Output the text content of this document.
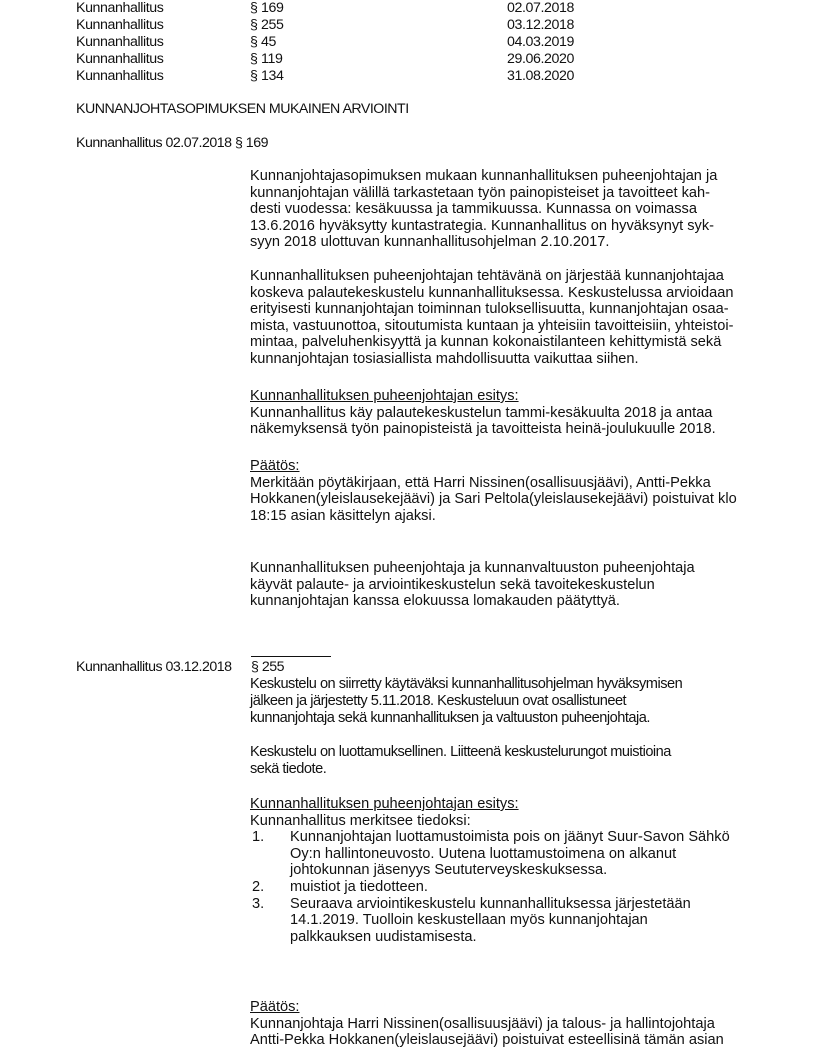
Kunnanhallitus	§ 169	02.07.2018
Kunnanhallitus	§ 255	03.12.2018
Kunnanhallitus	§ 45	04.03.2019
Kunnanhallitus	§ 119	29.06.2020
Kunnanhallitus	§ 134	31.08.2020
KUNNANJOHTASOPIMUKSEN MUKAINEN ARVIOINTI
Kunnanhallitus 02.07.2018 § 169

Kunnanjohtajasopimuksen mukaan kunnanhallituksen puheenjohtajan ja

kunnanjohtajan välillä tarkastetaan työn painopisteiset ja tavoitteet kah-

desti vuodessa: kesäkuussa ja tammikuussa. Kunnassa on voimassa

13.6.2016 hyväksytty kuntastrategia. Kunnanhallitus on hyväksynyt syk-

syyn 2018 ulottuvan kunnanhallitusohjelman 2.10.2017.

Kunnanhallituksen puheenjohtajan tehtävänä on järjestää kunnanjohtajaa

koskeva palautekeskustelu kunnanhallituksessa. Keskustelussa arvioidaan

erityisesti kunnanjohtajan toiminnan tuloksellisuutta, kunnanjohtajan osaa-

mista, vastuunottoa, sitoutumista kuntaan ja yhteisiin tavoitteisiin, yhteistoi-

mintaa, palveluhenkisyyttä ja kunnan kokonaistilanteen kehittymistä sekä

kunnanjohtajan tosiasiallista mahdollisuutta vaikuttaa siihen.

Kunnanhallituksen puheenjohtajan esitys:

Kunnanhallitus käy palautekeskustelun tammi-kesäkuulta 2018 ja antaa

näkemyksensä työn painopisteistä ja tavoitteista heinä-joulukuulle 2018.

Päätös:

Merkitään pöytäkirjaan, että Harri Nissinen(osallisuusjäävi), Antti-Pekka

Hokkanen(yleislausekejäävi) ja Sari Peltola(yleislausekejäävi) poistuivat klo

18:15 asian käsittelyn ajaksi.

Kunnanhallituksen puheenjohtaja ja kunnanvaltuuston puheenjohtaja

käyvät palaute- ja arviointikeskustelun sekä tavoitekeskustelun

kunnanjohtajan kanssa elokuussa lomakauden päätyttyä.

Kunnanhallitus 03.12.2018 § 255

Keskustelu on siirretty käytäväksi kunnanhallitusohjelman hyväksymisen

jälkeen ja järjestetty 5.11.2018. Keskusteluun ovat osallistuneet

kunnanjohtaja sekä kunnanhallituksen ja valtuuston puheenjohtaja.

Keskustelu on luottamuksellinen. Liitteenä keskustelurungot muistioina

sekä tiedote.

Kunnanhallituksen puheenjohtajan esitys:

Kunnanhallitus merkitsee tiedoksi:

1. Kunnanjohtajan luottamustoimista pois on jäänyt Suur-Savon Sähkö
Oy:n hallintoneuvosto. Uutena luottamustoimena on alkanut
johtokunnan jäsenyys Seututerveyskeskuksessa.
2. muistiot ja tiedotteen.
3. Seuraava arviointikeskustelu kunnanhallituksessa järjestetään
14.1.2019. Tuolloin keskustellaan myös kunnanjohtajan
palkkauksen uudistamisesta.

Päätös:

Kunnanjohtaja Harri Nissinen(osallisuusjäävi) ja talous- ja hallintojohtaja

Antti-Pekka Hokkanen(yleislausejäävi) poistuivat esteellisinä tämän asian
